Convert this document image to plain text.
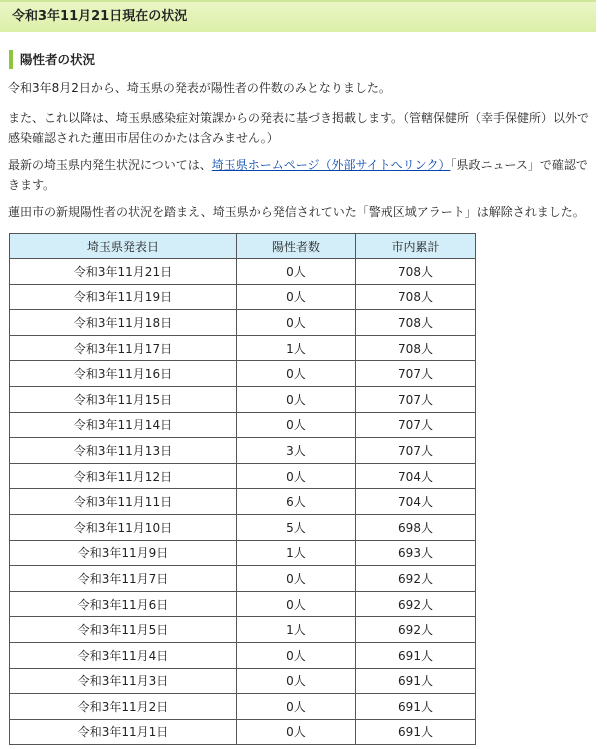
令和3年11月21日現在の状況
陽性者の状況

令和3年8月2日から、埼玉県の発表が陽性者の件数のみとなりました。

また、これ以降は、埼玉県感染症対策課からの発表に基づき掲載します。（管轄保健所（幸手保健所）以外で感染確認された蓮田市居住のかたは含みません。）

最新の埼玉県内発生状況については、埼玉県ホームページ（外部サイトへリンク）「県政ニュース」で確認できます。

蓮田市の新規陽性者の状況を踏まえ、埼玉県から発信されていた「警戒区域アラート」は解除されました。

埼玉県発表日	陽性者数	市内累計
令和3年11月21日	0人	708人
令和3年11月19日	0人	708人
令和3年11月18日	0人	708人
令和3年11月17日	1人	708人
令和3年11月16日	0人	707人
令和3年11月15日	0人	707人
令和3年11月14日	0人	707人
令和3年11月13日	3人	707人
令和3年11月12日	0人	704人
令和3年11月11日	6人	704人
令和3年11月10日	5人	698人
令和3年11月9日	1人	693人
令和3年11月7日	0人	692人
令和3年11月6日	0人	692人
令和3年11月5日	1人	692人
令和3年11月4日	0人	691人
令和3年11月3日	0人	691人
令和3年11月2日	0人	691人
令和3年11月1日	0人	691人
